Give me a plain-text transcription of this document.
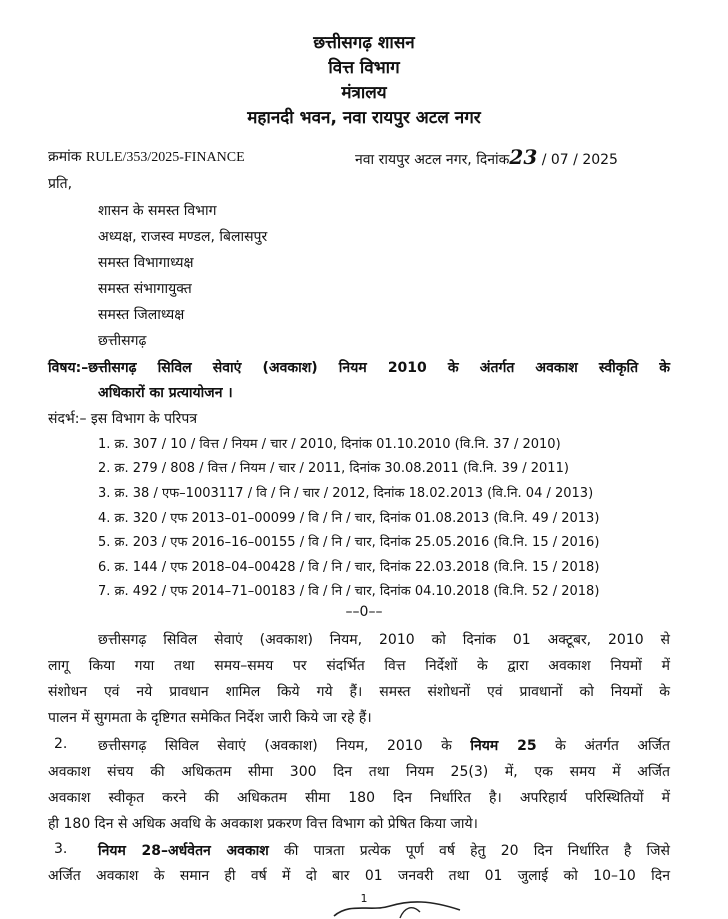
छत्तीसगढ़ शासन
वित्त विभाग
मंत्रालय
महानदी भवन, नवा रायपुर अटल नगर
क्रमांक RULE/353/2025-FINANCE	नवा रायपुर अटल नगर, दिनांक23 / 07 / 2025
प्रति,
शासन के समस्त विभाग
अध्यक्ष, राजस्व मण्डल, बिलासपुर
समस्त विभागाध्यक्ष
समस्त संभागायुक्त
समस्त जिलाध्यक्ष
छत्तीसगढ़
विषय:–छत्तीसगढ़ सिविल सेवाएं (अवकाश) नियम 2010 के अंतर्गत अवकाश स्वीकृति के
अधिकारों का प्रत्यायोजन ।
संदर्भ:– इस विभाग के परिपत्र
1. क्र. 307 / 10 / वित्त / नियम / चार / 2010, दिनांक 01.10.2010 (वि.नि. 37 / 2010)
2. क्र. 279 / 808 / वित्त / नियम / चार / 2011, दिनांक 30.08.2011 (वि.नि. 39 / 2011)
3. क्र. 38 / एफ–1003117 / वि / नि / चार / 2012, दिनांक 18.02.2013 (वि.नि. 04 / 2013)
4. क्र. 320 / एफ 2013–01–00099 / वि / नि / चार, दिनांक 01.08.2013 (वि.नि. 49 / 2013)
5. क्र. 203 / एफ 2016–16–00155 / वि / नि / चार, दिनांक 25.05.2016 (वि.नि. 15 / 2016)
6. क्र. 144 / एफ 2018–04–00428 / वि / नि / चार, दिनांक 22.03.2018 (वि.नि. 15 / 2018)
7. क्र. 492 / एफ 2014–71–00183 / वि / नि / चार, दिनांक 04.10.2018 (वि.नि. 52 / 2018)
––0––
छत्तीसगढ़ सिविल सेवाएं (अवकाश) नियम, 2010 को दिनांक 01 अक्टूबर, 2010 से
लागू किया गया तथा समय–समय पर संदर्भित वित्त निर्देशों के द्वारा अवकाश नियमों में
संशोधन एवं नये प्रावधान शामिल किये गये हैं। समस्त संशोधनों एवं प्रावधानों को नियमों के
पालन में सुगमता के दृष्टिगत समेकित निर्देश जारी किये जा रहे हैं।
2. छत्तीसगढ़ सिविल सेवाएं (अवकाश) नियम, 2010 के नियम 25 के अंतर्गत अर्जित
अवकाश संचय की अधिकतम सीमा 300 दिन तथा नियम 25(3) में, एक समय में अर्जित
अवकाश स्वीकृत करने की अधिकतम सीमा 180 दिन निर्धारित है। अपरिहार्य परिस्थितियों में
ही 180 दिन से अधिक अवधि के अवकाश प्रकरण वित्त विभाग को प्रेषित किया जाये।
3. नियम 28–अर्धवेतन अवकाश की पात्रता प्रत्येक पूर्ण वर्ष हेतु 20 दिन निर्धारित है जिसे
अर्जित अवकाश के समान ही वर्ष में दो बार 01 जनवरी तथा 01 जुलाई को 10–10 दिन
1
